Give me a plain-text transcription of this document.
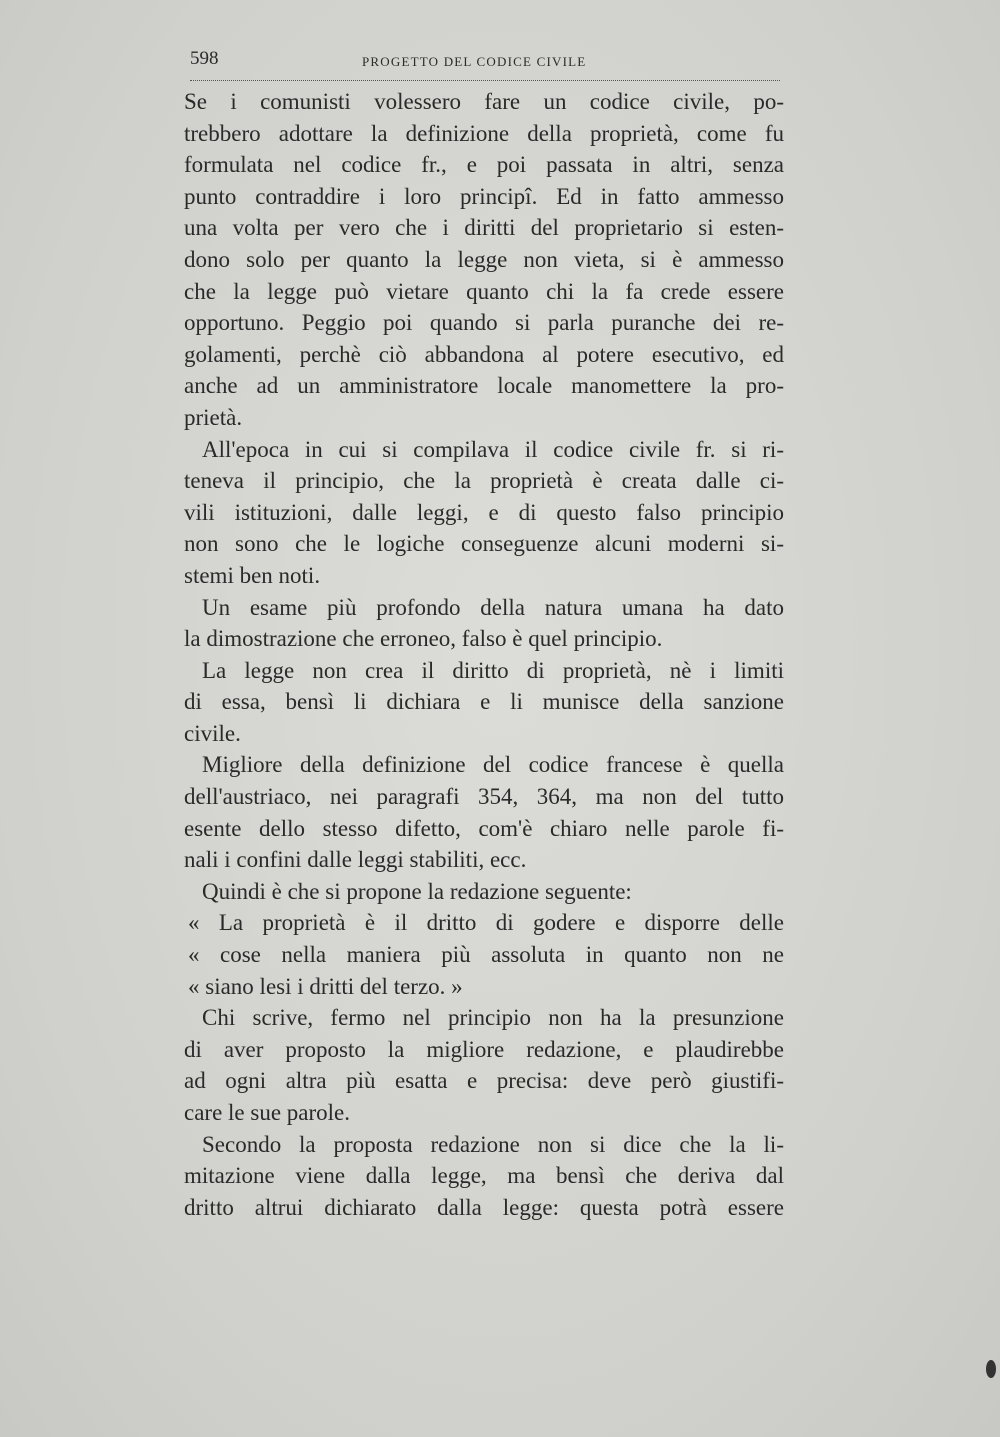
598	PROGETTO DEL CODICE CIVILE
Se i comunisti volessero fare un codice civile, po-
trebbero adottare la definizione della proprietà, come fu
formulata nel codice fr., e poi passata in altri, senza
punto contraddire i loro principî. Ed in fatto ammesso
una volta per vero che i diritti del proprietario si esten-
dono solo per quanto la legge non vieta, si è ammesso
che la legge può vietare quanto chi la fa crede essere
opportuno. Peggio poi quando si parla puranche dei re-
golamenti, perchè ciò abbandona al potere esecutivo, ed
anche ad un amministratore locale manomettere la pro-
prietà.
All'epoca in cui si compilava il codice civile fr. si ri-
teneva il principio, che la proprietà è creata dalle ci-
vili istituzioni, dalle leggi, e di questo falso principio
non sono che le logiche conseguenze alcuni moderni si-
stemi ben noti.
Un esame più profondo della natura umana ha dato
la dimostrazione che erroneo, falso è quel principio.
La legge non crea il diritto di proprietà, nè i limiti
di essa, bensì li dichiara e li munisce della sanzione
civile.
Migliore della definizione del codice francese è quella
dell'austriaco, nei paragrafi 354, 364, ma non del tutto
esente dello stesso difetto, com'è chiaro nelle parole fi-
nali i confini dalle leggi stabiliti, ecc.
Quindi è che si propone la redazione seguente:
« La proprietà è il dritto di godere e disporre delle
« cose nella maniera più assoluta in quanto non ne
« siano lesi i dritti del terzo. »
Chi scrive, fermo nel principio non ha la presunzione
di aver proposto la migliore redazione, e plaudirebbe
ad ogni altra più esatta e precisa: deve però giustifi-
care le sue parole.
Secondo la proposta redazione non si dice che la li-
mitazione viene dalla legge, ma bensì che deriva dal
dritto altrui dichiarato dalla legge: questa potrà essere
